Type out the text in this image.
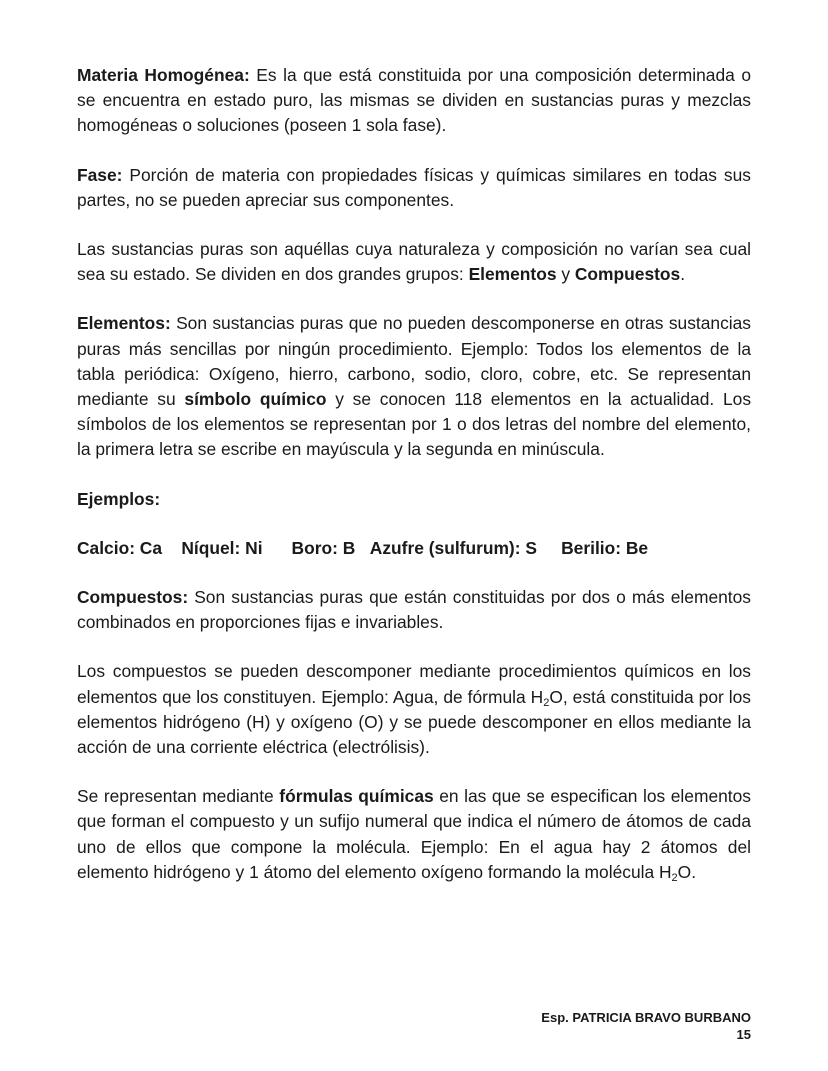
Materia Homogénea: Es la que está constituida por una composición determinada o se encuentra en estado puro, las mismas se dividen en sustancias puras y mezclas homogéneas o soluciones (poseen 1 sola fase).

Fase: Porción de materia con propiedades físicas y químicas similares en todas sus partes, no se pueden apreciar sus componentes.

Las sustancias puras son aquéllas cuya naturaleza y composición no varían sea cual sea su estado. Se dividen en dos grandes grupos: Elementos y Compuestos.

Elementos: Son sustancias puras que no pueden descomponerse en otras sustancias puras más sencillas por ningún procedimiento. Ejemplo: Todos los elementos de la tabla periódica: Oxígeno, hierro, carbono, sodio, cloro, cobre, etc. Se representan mediante su símbolo químico y se conocen 118 elementos en la actualidad. Los símbolos de los elementos se representan por 1 o dos letras del nombre del elemento, la primera letra se escribe en mayúscula y la segunda en minúscula.

Ejemplos:

Calcio: Ca Níquel: Ni Boro: B Azufre (sulfurum): S Berilio: Be

Compuestos: Son sustancias puras que están constituidas por dos o más elementos combinados en proporciones fijas e invariables.

Los compuestos se pueden descomponer mediante procedimientos químicos en los elementos que los constituyen. Ejemplo: Agua, de fórmula $H_2O$, está constituida por los elementos hidrógeno (H) y oxígeno (O) y se puede descomponer en ellos mediante la acción de una corriente eléctrica (electrólisis).

Se representan mediante fórmulas químicas en las que se especifican los elementos que forman el compuesto y un sufijo numeral que indica el número de átomos de cada uno de ellos que compone la molécula. Ejemplo: En el agua hay 2 átomos del elemento hidrógeno y 1 átomo del elemento oxígeno formando la molécula $H_2O$.

Esp. PATRICIA BRAVO BURBANO
15
